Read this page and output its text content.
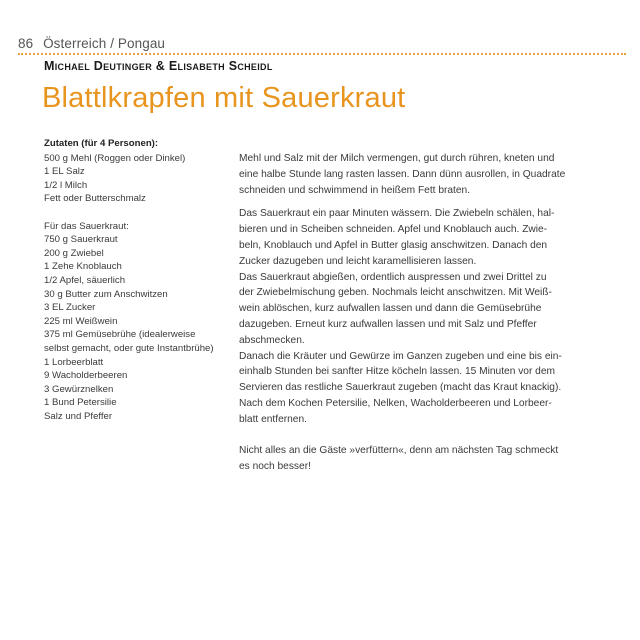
86 Österreich / Pongau
Michael Deutinger & Elisabeth Scheidl
Blattlkrapfen mit Sauerkraut
Zutaten (für 4 Personen):
500 g Mehl (Roggen oder Dinkel)
1 EL Salz
1/2 l Milch
Fett oder Butterschmalz
Für das Sauerkraut:
750 g Sauerkraut
200 g Zwiebel
1 Zehe Knoblauch
1/2 Apfel, säuerlich
30 g Butter zum Anschwitzen
3 EL Zucker
225 ml Weißwein
375 ml Gemüsebrühe (idealerweise
selbst gemacht, oder gute Instantbrühe)
1 Lorbeerblatt
9 Wacholderbeeren
3 Gewürznelken
1 Bund Petersilie
Salz und Pfeffer
Mehl und Salz mit der Milch vermengen, gut durch rühren, kneten und
eine halbe Stunde lang rasten lassen. Dann dünn ausrollen, in Quadrate
schneiden und schwimmend in heißem Fett braten.
Das Sauerkraut ein paar Minuten wässern. Die Zwiebeln schälen, hal-
bieren und in Scheiben schneiden. Apfel und Knoblauch auch. Zwie-
beln, Knoblauch und Apfel in Butter glasig anschwitzen. Danach den
Zucker dazugeben und leicht karamellisieren lassen.
Das Sauerkraut abgießen, ordentlich auspressen und zwei Drittel zu
der Zwiebelmischung geben. Nochmals leicht anschwitzen. Mit Weiß-
wein ablöschen, kurz aufwallen lassen und dann die Gemüsebrühe
dazugeben. Erneut kurz aufwallen lassen und mit Salz und Pfeffer
abschmecken.
Danach die Kräuter und Gewürze im Ganzen zugeben und eine bis ein-
einhalb Stunden bei sanfter Hitze köcheln lassen. 15 Minuten vor dem
Servieren das restliche Sauerkraut zugeben (macht das Kraut knackig).
Nach dem Kochen Petersilie, Nelken, Wacholderbeeren und Lorbeer-
blatt entfernen.
Nicht alles an die Gäste »verfüttern«, denn am nächsten Tag schmeckt
es noch besser!
